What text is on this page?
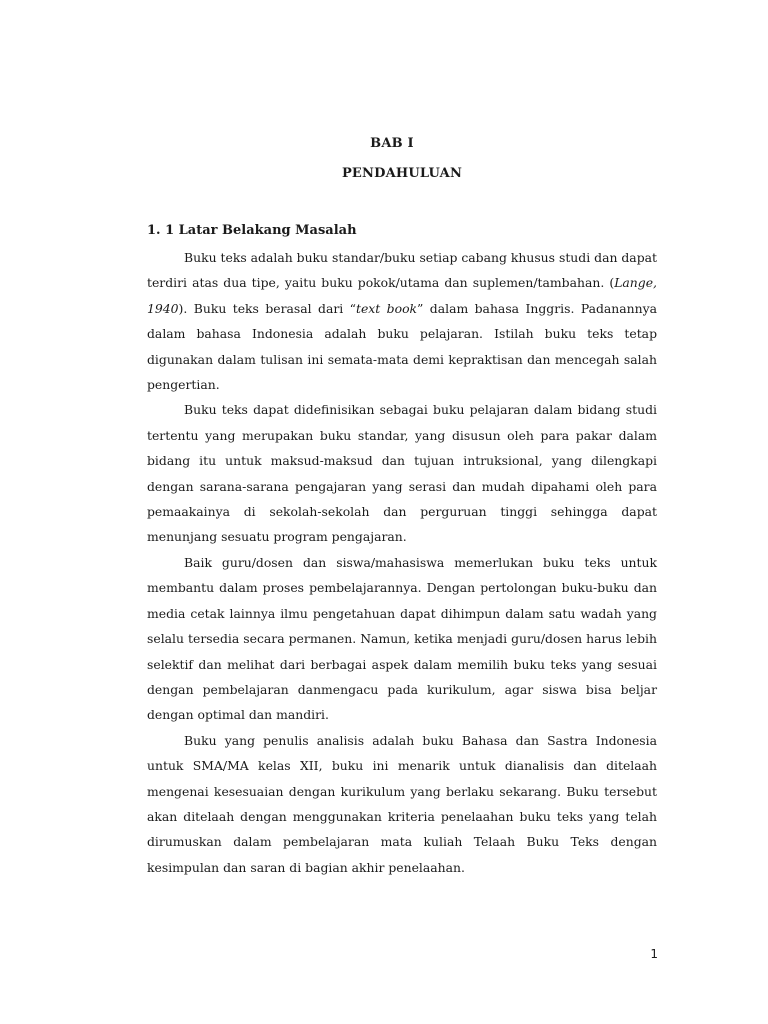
BAB I
PENDAHULUAN
1. 1 Latar Belakang Masalah

Buku teks adalah buku standar/buku setiap cabang khusus studi dan dapat terdiri atas dua tipe, yaitu buku pokok/utama dan suplemen/tambahan. (Lange, 1940). Buku teks berasal dari “text book” dalam bahasa Inggris. Padanannya dalam bahasa Indonesia adalah buku pelajaran. Istilah buku teks tetap digunakan dalam tulisan ini semata-mata demi kepraktisan dan mencegah salah pengertian.

Buku teks dapat didefinisikan sebagai buku pelajaran dalam bidang studi tertentu yang merupakan buku standar, yang disusun oleh para pakar dalam bidang itu untuk maksud-maksud dan tujuan intruksional, yang dilengkapi dengan sarana-sarana pengajaran yang serasi dan mudah dipahami oleh para pemaakainya di sekolah-sekolah dan perguruan tinggi sehingga dapat menunjang sesuatu program pengajaran.

Baik guru/dosen dan siswa/mahasiswa memerlukan buku teks untuk membantu dalam proses pembelajarannya. Dengan pertolongan buku-buku dan media cetak lainnya ilmu pengetahuan dapat dihimpun dalam satu wadah yang selalu tersedia secara permanen. Namun, ketika menjadi guru/dosen harus lebih selektif dan melihat dari berbagai aspek dalam memilih buku teks yang sesuai dengan pembelajaran danmengacu pada kurikulum, agar siswa bisa beljar dengan optimal dan mandiri.

Buku yang penulis analisis adalah buku Bahasa dan Sastra Indonesia untuk SMA/MA kelas XII, buku ini menarik untuk dianalisis dan ditelaah mengenai kesesuaian dengan kurikulum yang berlaku sekarang. Buku tersebut akan ditelaah dengan menggunakan kriteria penelaahan buku teks yang telah dirumuskan dalam pembelajaran mata kuliah Telaah Buku Teks dengan kesimpulan dan saran di bagian akhir penelaahan.

1
